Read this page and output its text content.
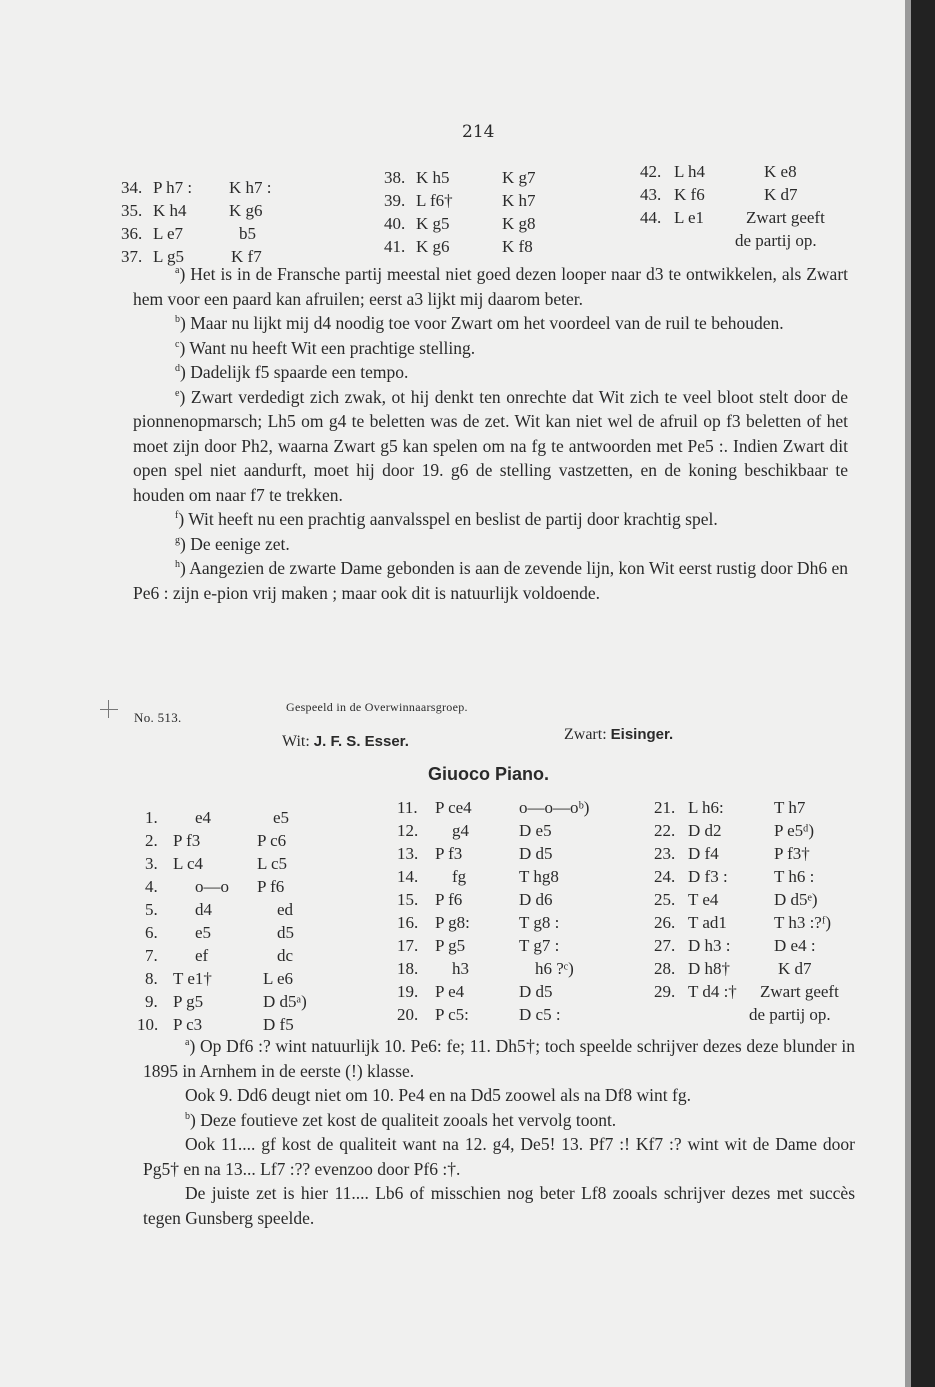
214
34. P h7 : K h7 :
35. K h4 K g6
36. L e7	b5
37. L g5	K f7
38. K h5	K g7
39. L f6†	K h7
40. K g5	K g8
41. K g6	K f8
42. L h4	K e8
43. K f6	K d7
44. L e1 Zwart geeft
de partij op.

$^a$) Het is in de Fransche partij meestal niet goed dezen looper naar d3 te ontwikkelen, als Zwart hem voor een paard kan afruilen; eerst a3 lijkt mij daarom beter.

$^b$) Maar nu lijkt mij d4 noodig toe voor Zwart om het voordeel van de ruil te behouden.

$^c$) Want nu heeft Wit een prachtige stelling.

$^d$) Dadelijk f5 spaarde een tempo.

$^e$) Zwart verdedigt zich zwak, ot hij denkt ten onrechte dat Wit zich te veel bloot stelt door de pionnenopmarsch; Lh5 om g4 te beletten was de zet. Wit kan niet wel de afruil op f3 beletten of het moet zijn door Ph2, waarna Zwart g5 kan spelen om na fg te antwoorden met Pe5 :. Indien Zwart dit open spel niet aandurft, moet hij door 19. g6 de stelling vastzetten, en de koning beschikbaar te houden om naar f7 te trekken.

$^f$) Wit heeft nu een prachtig aanvalsspel en beslist de partij door krachtig spel.

$^g$) De eenige zet.

$^h$) Aangezien de zwarte Dame gebonden is aan de zevende lijn, kon Wit eerst rustig door Dh6 en Pe6 : zijn e-pion vrij maken ; maar ook dit is natuurlijk voldoende.

No. 513.
Gespeeld in de Overwinnaarsgroep.
Wit: J. F. S. Esser.	Zwart: Eisinger.
Giuoco Piano.
1. e4	e5
2. P f3	P c6
3. L c4	L c5
4. o—o P f6
5. d4	ed
6. e5	d5
7. ef	dc
8. T e1†	L e6
9. P g5	D d5ᵃ)
10. P c3	D f5
11. P ce4	o—o—oᵇ)
12. g4	D e5
13. P f3	D d5
14. fg	T hg8
15. P f6	D d6
16. P g8:	T g8 :
17. P g5	T g7 :
18. h3	h6 ?ᶜ)
19. P e4	D d5
20. P c5:	D c5 :
21. L h6:	T h7
22. D d2	P e5ᵈ)
23. D f4	P f3†
24. D f3 :	T h6 :
25. T e4	D d5ᵉ)
26. T ad1	T h3 :?ᶠ)
27. D h3 :	D e4 :
28. D h8†	K d7
29. T d4 :† Zwart geeft
de partij op.

$^a$) Op Df6 :? wint natuurlijk 10. Pe6: fe; 11. Dh5†; toch speelde schrijver dezes deze blunder in 1895 in Arnhem in de eerste (!) klasse.

Ook 9. Dd6 deugt niet om 10. Pe4 en na Dd5 zoowel als na Df8 wint fg.

$^b$) Deze foutieve zet kost de qualiteit zooals het vervolg toont.

Ook 11.... gf kost de qualiteit want na 12. g4, De5! 13. Pf7 :! Kf7 :? wint wit de Dame door Pg5† en na 13... Lf7 :?? evenzoo door Pf6 :†.

De juiste zet is hier 11.... Lb6 of misschien nog beter Lf8 zooals schrijver dezes met succès tegen Gunsberg speelde.
